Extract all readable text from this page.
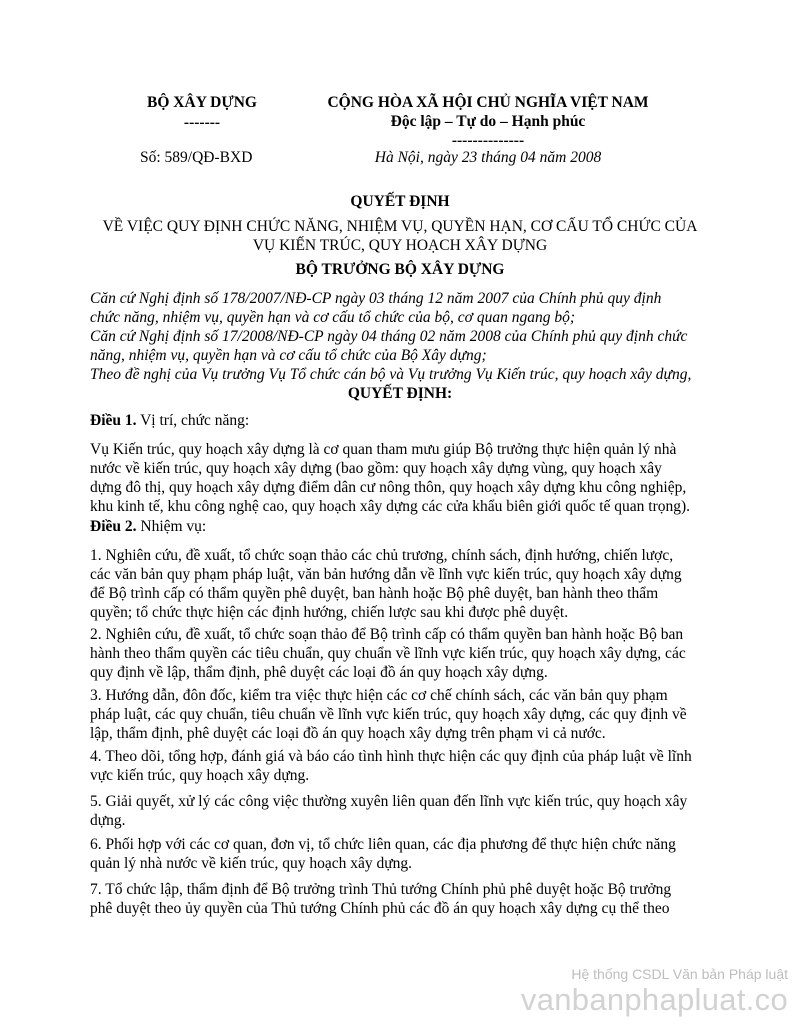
BỘ XÂY DỰNG
-------
CỘNG HÒA XÃ HỘI CHỦ NGHĨA VIỆT NAM
Độc lập – Tự do – Hạnh phúc
--------------
Số: 589/QĐ-BXD	Hà Nội, ngày 23 tháng 04 năm 2008
QUYẾT ĐỊNH
VỀ VIỆC QUY ĐỊNH CHỨC NĂNG, NHIỆM VỤ, QUYỀN HẠN, CƠ CẤU TỔ CHỨC CỦA
VỤ KIẾN TRÚC, QUY HOẠCH XÂY DỰNG
BỘ TRƯỞNG BỘ XÂY DỰNG

Căn cứ Nghị định số 178/2007/NĐ-CP ngày 03 tháng 12 năm 2007 của Chính phủ quy định

chức năng, nhiệm vụ, quyền hạn và cơ cấu tổ chức của bộ, cơ quan ngang bộ;

Căn cứ Nghị định số 17/2008/NĐ-CP ngày 04 tháng 02 năm 2008 của Chính phủ quy định chức

năng, nhiệm vụ, quyền hạn và cơ cấu tổ chức của Bộ Xây dựng;

Theo đề nghị của Vụ trưởng Vụ Tổ chức cán bộ và Vụ trưởng Vụ Kiến trúc, quy hoạch xây dựng,

QUYẾT ĐỊNH:

Điều 1. Vị trí, chức năng:

Vụ Kiến trúc, quy hoạch xây dựng là cơ quan tham mưu giúp Bộ trưởng thực hiện quản lý nhà

nước về kiến trúc, quy hoạch xây dựng (bao gồm: quy hoạch xây dựng vùng, quy hoạch xây

dựng đô thị, quy hoạch xây dựng điểm dân cư nông thôn, quy hoạch xây dựng khu công nghiệp,

khu kinh tế, khu công nghệ cao, quy hoạch xây dựng các cửa khẩu biên giới quốc tế quan trọng).

Điều 2. Nhiệm vụ:

1. Nghiên cứu, đề xuất, tổ chức soạn thảo các chủ trương, chính sách, định hướng, chiến lược,

các văn bản quy phạm pháp luật, văn bản hướng dẫn về lĩnh vực kiến trúc, quy hoạch xây dựng

để Bộ trình cấp có thẩm quyền phê duyệt, ban hành hoặc Bộ phê duyệt, ban hành theo thẩm

quyền; tổ chức thực hiện các định hướng, chiến lược sau khi được phê duyệt.

2. Nghiên cứu, đề xuất, tổ chức soạn thảo để Bộ trình cấp có thẩm quyền ban hành hoặc Bộ ban

hành theo thẩm quyền các tiêu chuẩn, quy chuẩn về lĩnh vực kiến trúc, quy hoạch xây dựng, các

quy định về lập, thẩm định, phê duyệt các loại đồ án quy hoạch xây dựng.

3. Hướng dẫn, đôn đốc, kiểm tra việc thực hiện các cơ chế chính sách, các văn bản quy phạm

pháp luật, các quy chuẩn, tiêu chuẩn về lĩnh vực kiến trúc, quy hoạch xây dựng, các quy định về

lập, thẩm định, phê duyệt các loại đồ án quy hoạch xây dựng trên phạm vi cả nước.

4. Theo dõi, tổng hợp, đánh giá và báo cáo tình hình thực hiện các quy định của pháp luật về lĩnh

vực kiến trúc, quy hoạch xây dựng.

5. Giải quyết, xử lý các công việc thường xuyên liên quan đến lĩnh vực kiến trúc, quy hoạch xây

dựng.

6. Phối hợp với các cơ quan, đơn vị, tổ chức liên quan, các địa phương để thực hiện chức năng

quản lý nhà nước về kiến trúc, quy hoạch xây dựng.

7. Tổ chức lập, thẩm định để Bộ trưởng trình Thủ tướng Chính phủ phê duyệt hoặc Bộ trưởng

phê duyệt theo ủy quyền của Thủ tướng Chính phủ các đồ án quy hoạch xây dựng cụ thể theo

Hệ thống CSDL Văn bản Pháp luật
vanbanphapluat.co
